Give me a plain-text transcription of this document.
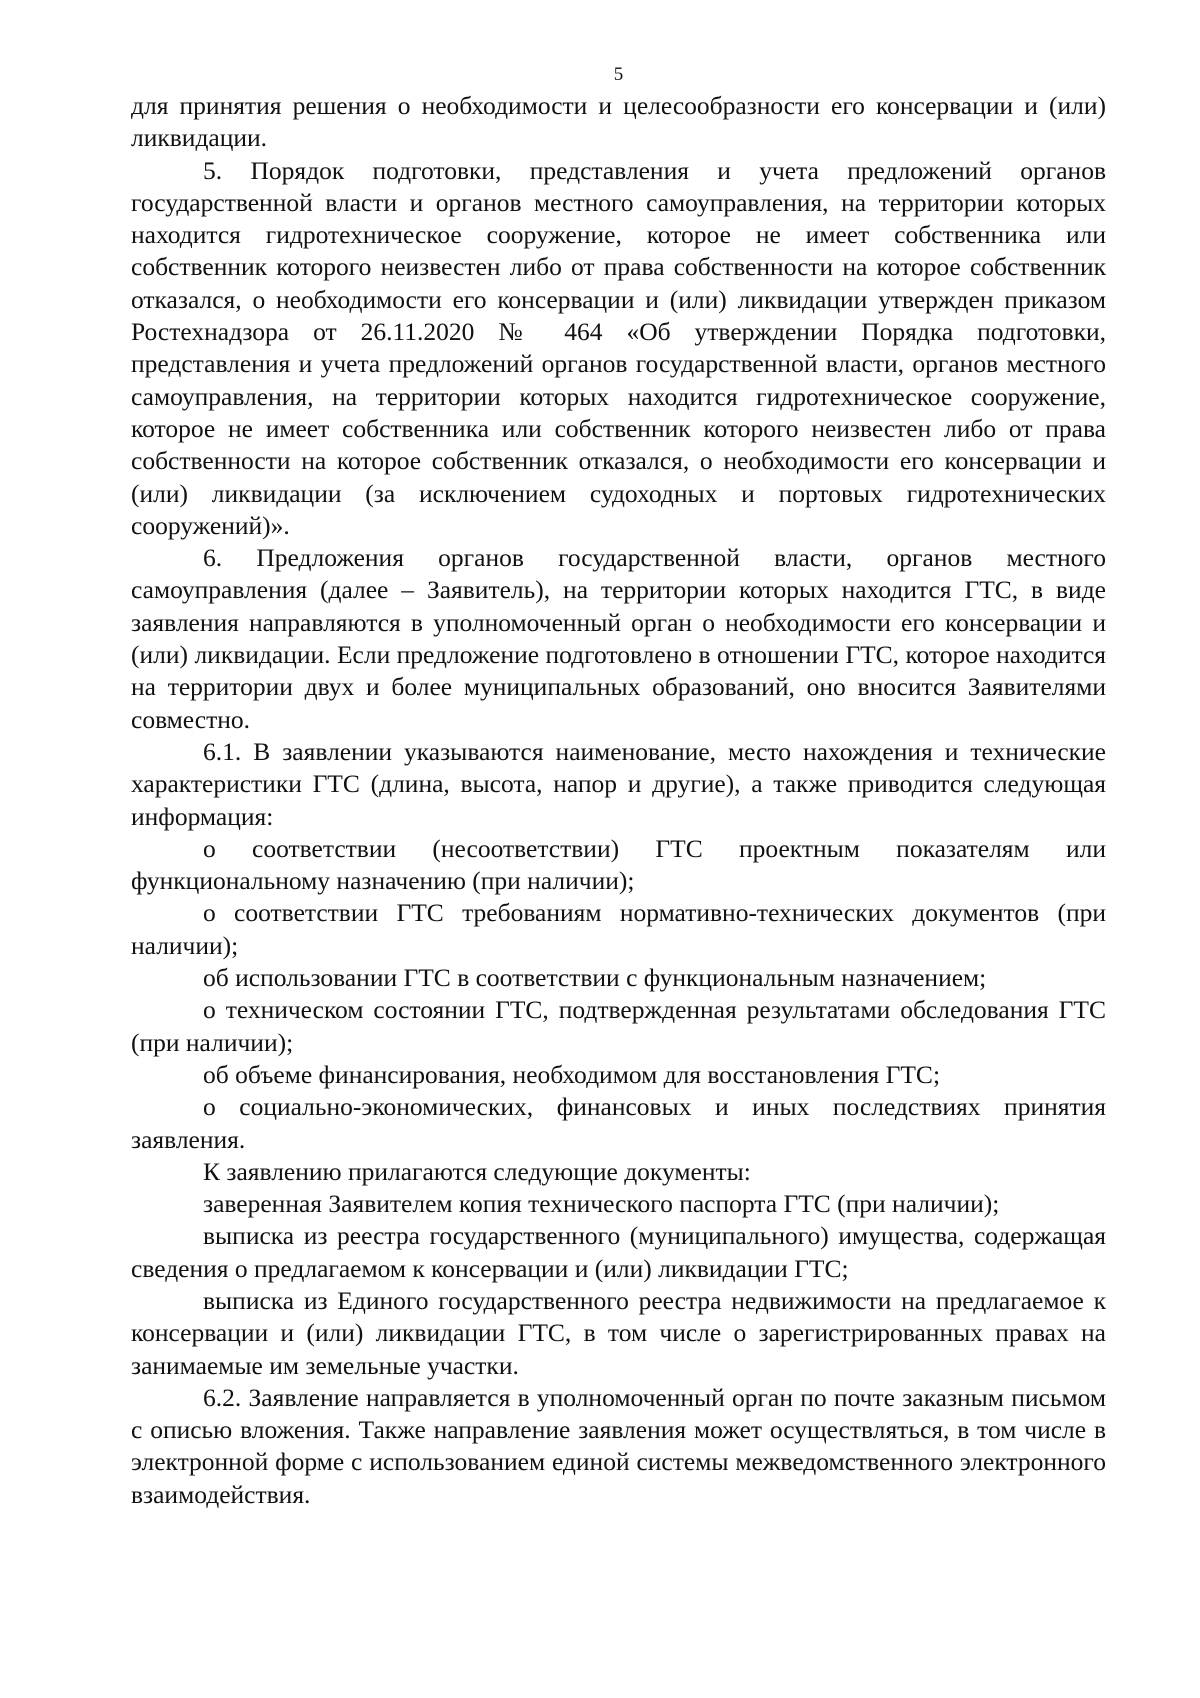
5

для принятия решения о необходимости и целесообразности его консервации и (или) ликвидации.

5. Порядок подготовки, представления и учета предложений органов государственной власти и органов местного самоуправления, на территории которых находится гидротехническое сооружение, которое не имеет собственника или собственник которого неизвестен либо от права собственности на которое собственник отказался, о необходимости его консервации и (или) ликвидации утвержден приказом Ростехнадзора от 26.11.2020 № 464 «Об утверждении Порядка подготовки, представления и учета предложений органов государственной власти, органов местного самоуправления, на территории которых находится гидротехническое сооружение, которое не имеет собственника или собственник которого неизвестен либо от права собственности на которое собственник отказался, о необходимости его консервации и (или) ликвидации (за исключением судоходных и портовых гидротехнических сооружений)».

6. Предложения органов государственной власти, органов местного самоуправления (далее – Заявитель), на территории которых находится ГТС, в виде заявления направляются в уполномоченный орган о необходимости его консервации и (или) ликвидации. Если предложение подготовлено в отношении ГТС, которое находится на территории двух и более муниципальных образований, оно вносится Заявителями совместно.

6.1. В заявлении указываются наименование, место нахождения и технические характеристики ГТС (длина, высота, напор и другие), а также приводится следующая информация:

о соответствии (несоответствии) ГТС проектным показателям или функциональному назначению (при наличии);

о соответствии ГТС требованиям нормативно-технических документов (при наличии);

об использовании ГТС в соответствии с функциональным назначением;

о техническом состоянии ГТС, подтвержденная результатами обследования ГТС (при наличии);

об объеме финансирования, необходимом для восстановления ГТС;

о социально-экономических, финансовых и иных последствиях принятия заявления.

К заявлению прилагаются следующие документы:

заверенная Заявителем копия технического паспорта ГТС (при наличии);

выписка из реестра государственного (муниципального) имущества, содержащая сведения о предлагаемом к консервации и (или) ликвидации ГТС;

выписка из Единого государственного реестра недвижимости на предлагаемое к консервации и (или) ликвидации ГТС, в том числе о зарегистрированных правах на занимаемые им земельные участки.

6.2. Заявление направляется в уполномоченный орган по почте заказным письмом с описью вложения. Также направление заявления может осуществляться, в том числе в электронной форме с использованием единой системы межведомственного электронного взаимодействия.
